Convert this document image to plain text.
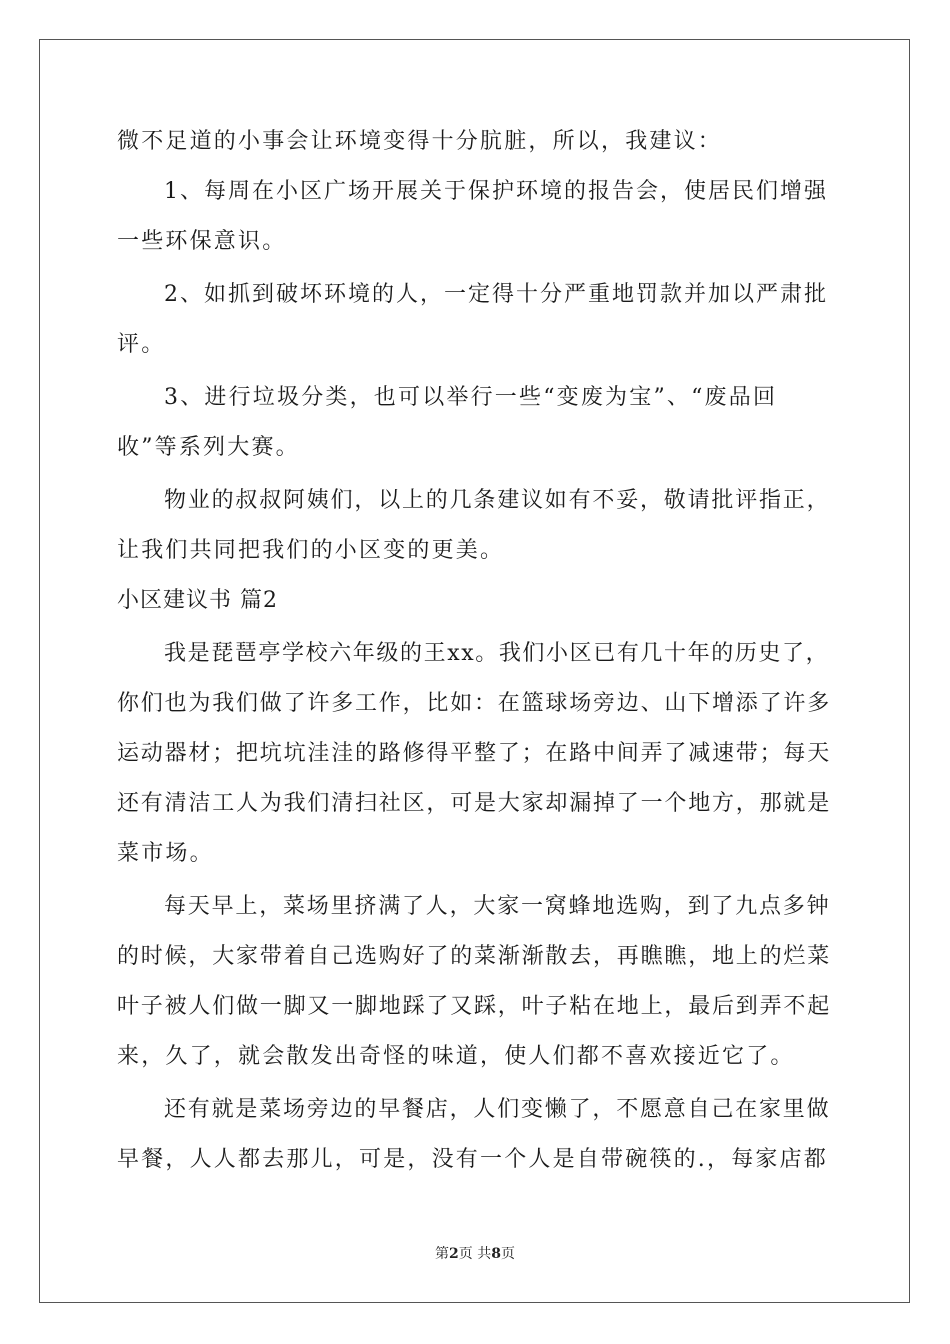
微不足道的小事会让环境变得十分肮脏，所以，我建议：
1、每周在小区广场开展关于保护环境的报告会，使居民们增强
一些环保意识。
2、如抓到破坏环境的人，一定得十分严重地罚款并加以严肃批
评。
3、进行垃圾分类，也可以举行一些“变废为宝”、“废品回
收”等系列大赛。
物业的叔叔阿姨们，以上的几条建议如有不妥，敬请批评指正，
让我们共同把我们的小区变的更美。
小区建议书 篇2
我是琵琶亭学校六年级的王xx。我们小区已有几十年的历史了，
你们也为我们做了许多工作，比如：在篮球场旁边、山下增添了许多
运动器材；把坑坑洼洼的路修得平整了；在路中间弄了减速带；每天
还有清洁工人为我们清扫社区，可是大家却漏掉了一个地方，那就是
菜市场。
每天早上，菜场里挤满了人，大家一窝蜂地选购，到了九点多钟
的时候，大家带着自己选购好了的菜渐渐散去，再瞧瞧，地上的烂菜
叶子被人们做一脚又一脚地踩了又踩，叶子粘在地上，最后到弄不起
来，久了，就会散发出奇怪的味道，使人们都不喜欢接近它了。
还有就是菜场旁边的早餐店，人们变懒了，不愿意自己在家里做
早餐，人人都去那儿，可是，没有一个人是自带碗筷的.，每家店都
第2页 共8页
